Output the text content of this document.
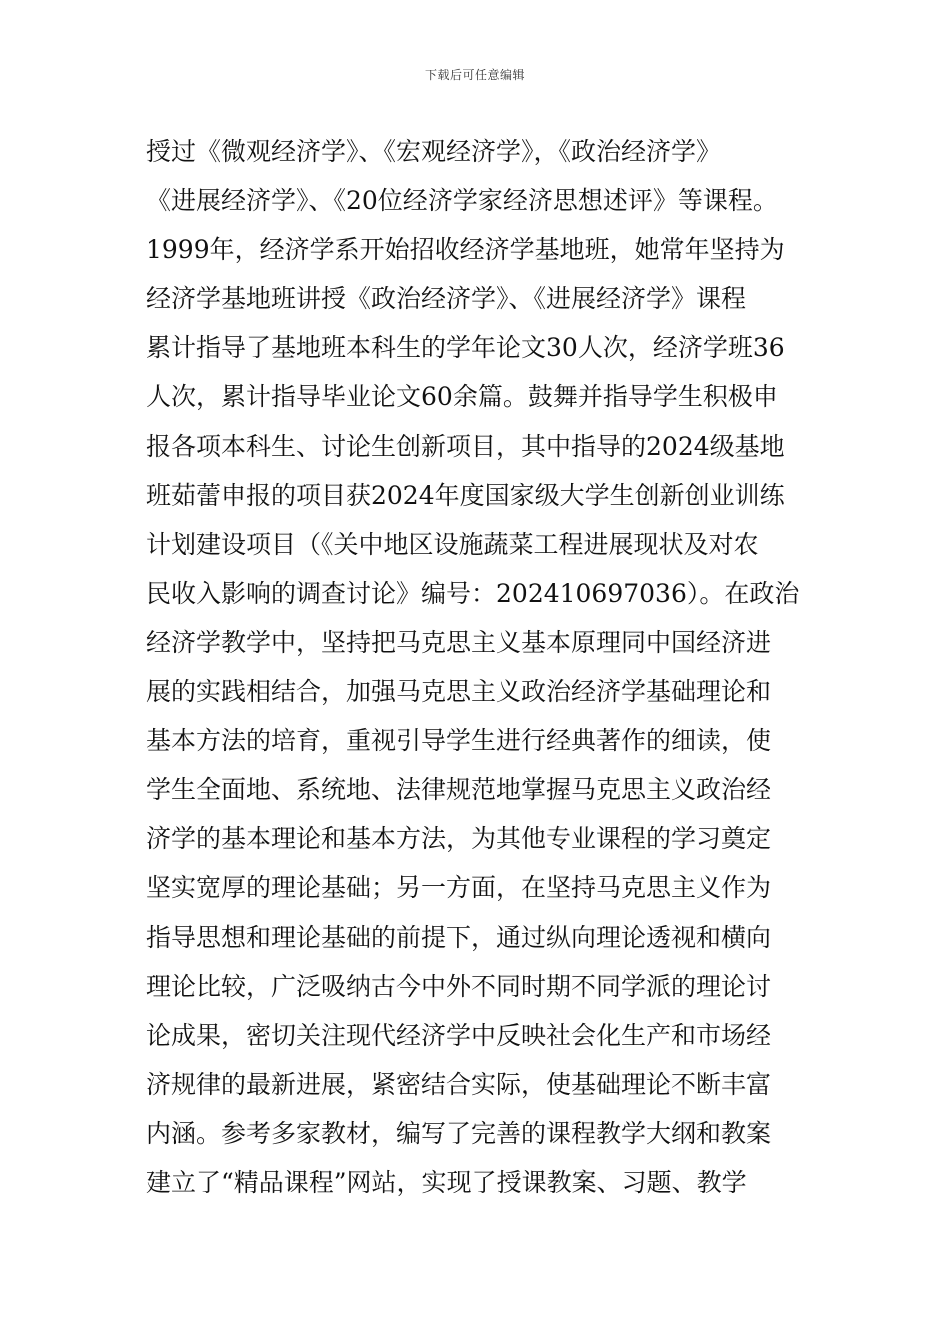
下载后可任意编辑
授过《微观经济学》、《宏观经济学》，《政治经济学》
《进展经济学》、《20位经济学家经济思想述评》等课程。
1999年，经济学系开始招收经济学基地班，她常年坚持为
经济学基地班讲授《政治经济学》、《进展经济学》课程
累计指导了基地班本科生的学年论文30人次，经济学班36
人次，累计指导毕业论文60余篇。鼓舞并指导学生积极申
报各项本科生、讨论生创新项目，其中指导的2024级基地
班茹蕾申报的项目获2024年度国家级大学生创新创业训练
计划建设项目（《关中地区设施蔬菜工程进展现状及对农
民收入影响的调查讨论》编号：202410697036）。在政治
经济学教学中，坚持把马克思主义基本原理同中国经济进
展的实践相结合，加强马克思主义政治经济学基础理论和
基本方法的培育，重视引导学生进行经典著作的细读，使
学生全面地、系统地、法律规范地掌握马克思主义政治经
济学的基本理论和基本方法，为其他专业课程的学习奠定
坚实宽厚的理论基础；另一方面，在坚持马克思主义作为
指导思想和理论基础的前提下，通过纵向理论透视和横向
理论比较，广泛吸纳古今中外不同时期不同学派的理论讨
论成果，密切关注现代经济学中反映社会化生产和市场经
济规律的最新进展，紧密结合实际，使基础理论不断丰富
内涵。参考多家教材，编写了完善的课程教学大纲和教案
建立了“精品课程”网站，实现了授课教案、习题、教学
